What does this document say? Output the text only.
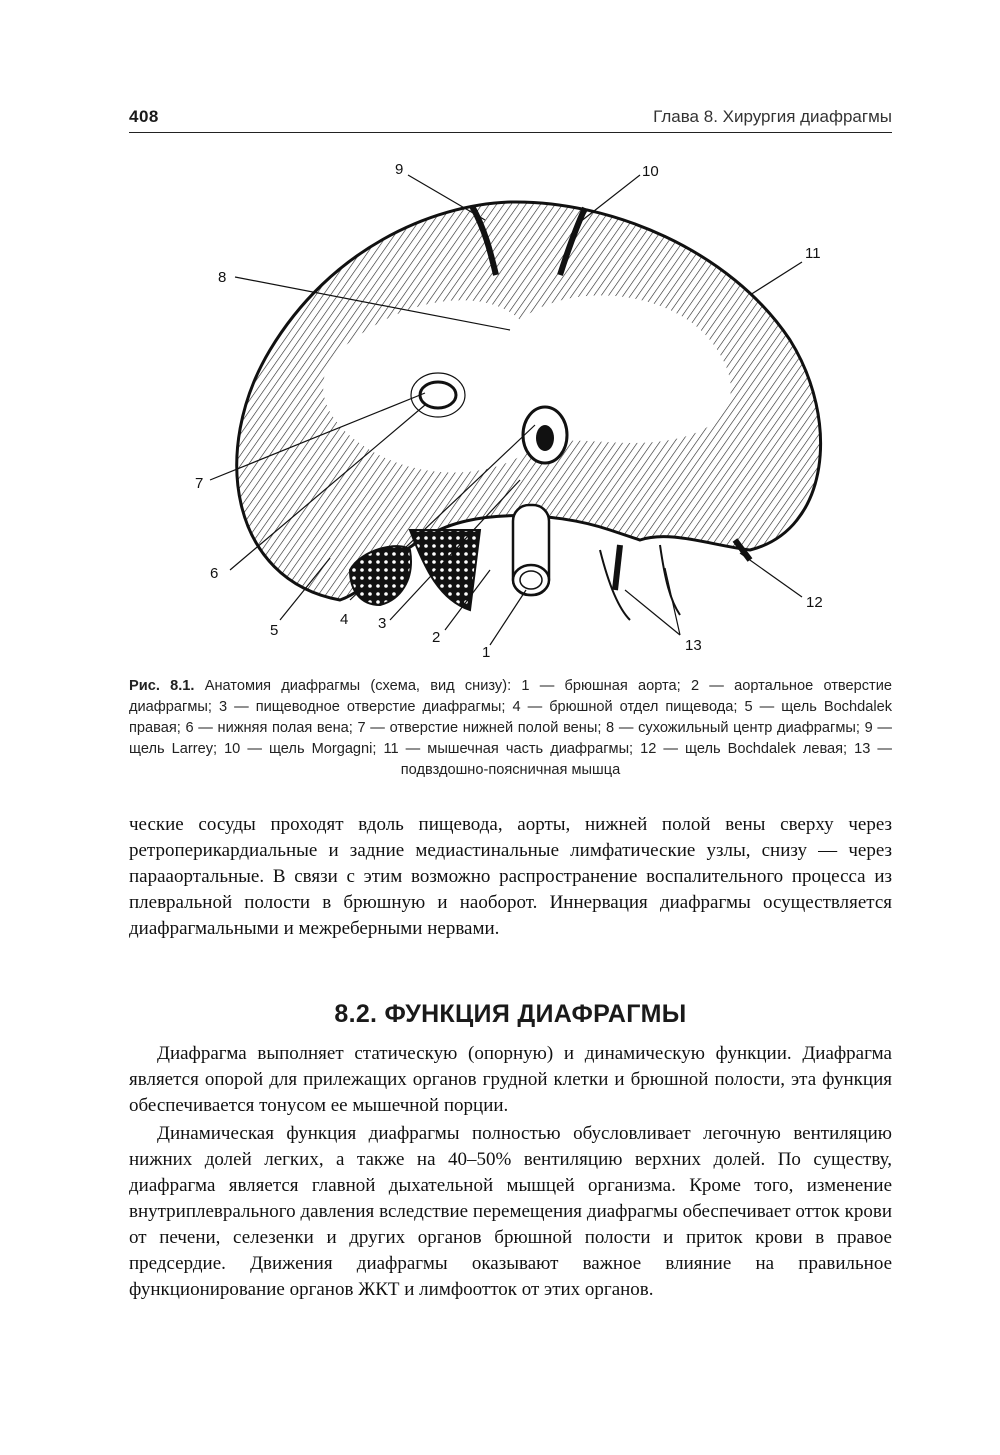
408	Глава 8. Хирургия диафрагмы
1
2
3
4
5
6
7
8
9	10
11
12
13
Рис. 8.1. Анатомия диафрагмы (схема, вид снизу): 1 — брюшная аорта; 2 — аортальное отверстие диафрагмы; 3 — пищеводное отверстие диафрагмы; 4 — брюшной отдел пищевода; 5 — щель Bochdalek правая; 6 — нижняя полая вена; 7 — отверстие нижней полой вены; 8 — сухожильный центр диафрагмы; 9 — щель Larrey; 10 — щель Morgagni; 11 — мышечная часть диафрагмы; 12 — щель Bochdalek левая; 13 — подвздошно-поясничная мышца

ческие сосуды проходят вдоль пищевода, аорты, нижней полой вены сверху через ретроперикардиальные и задние медиастинальные лимфатические узлы, снизу — через парааортальные. В связи с этим возможно распространение воспалительного процесса из плевральной полости в брюшную и наоборот. Иннервация диафрагмы осуществляется диафрагмальными и межреберными нервами.

8.2. ФУНКЦИЯ ДИАФРАГМЫ

Диафрагма выполняет статическую (опорную) и динамическую функции. Диафрагма является опорой для прилежащих органов грудной клетки и брюшной полости, эта функция обеспечивается тонусом ее мышечной порции.

Динамическая функция диафрагмы полностью обусловливает легочную вентиляцию нижних долей легких, а также на 40–50% вентиляцию верхних долей. По существу, диафрагма является главной дыхательной мышцей организма. Кроме того, изменение внутриплеврального давления вследствие перемещения диафрагмы обеспечивает отток крови от печени, селезенки и других органов брюшной полости и приток крови в правое предсердие. Движения диафрагмы оказывают важное влияние на правильное функционирование органов ЖКТ и лимфоотток от этих органов.
